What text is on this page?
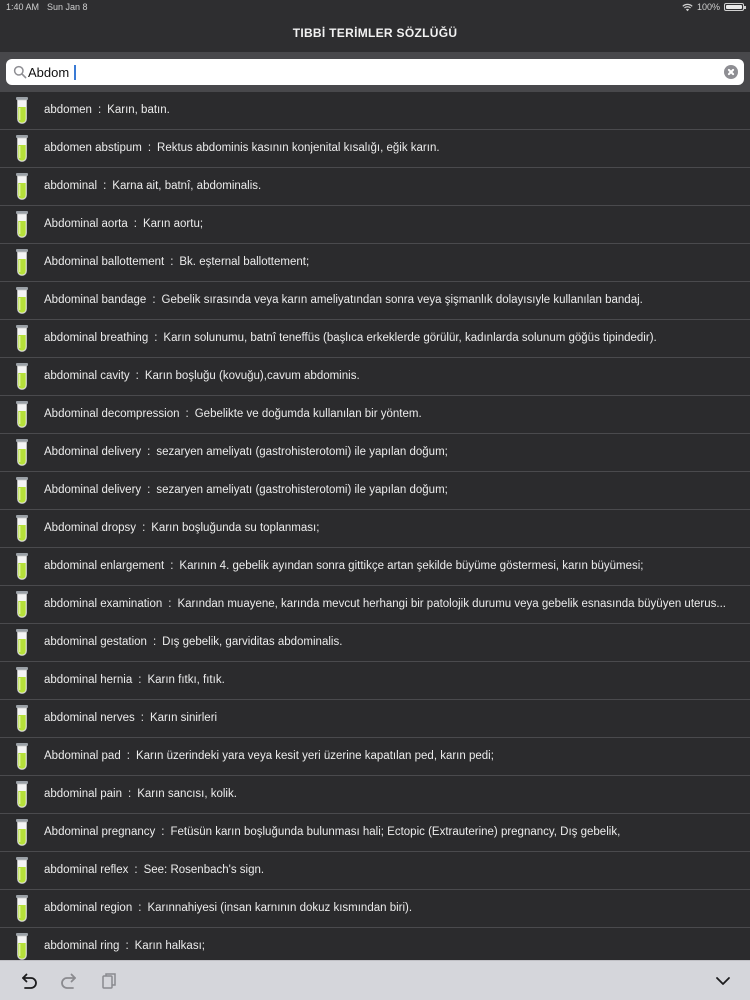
1:40 AM Sun Jan 8	100%
TIBBİ TERİMLER SÖZLÜĞÜ
Abdom
abdomen : Karın, batın.
abdomen abstipum : Rektus abdominis kasının konjenital kısalığı, eğik karın.
abdominal : Karna ait, batnî, abdominalis.
Abdominal aorta : Karın aortu;
Abdominal ballottement : Bk. eşternal ballottement;
Abdominal bandage : Gebelik sırasında veya karın ameliyatından sonra veya şişmanlık dolayısıyle kullanılan bandaj.
abdominal breathing : Karın solunumu, batnî teneffüs (başlıca erkeklerde görülür, kadınlarda solunum göğüs tipindedir).
abdominal cavity : Karın boşluğu (kovuğu),cavum abdominis.
Abdominal decompression : Gebelikte ve doğumda kullanılan bir yöntem.
Abdominal delivery : sezaryen ameliyatı (gastrohisterotomi) ile yapılan doğum;
Abdominal delivery : sezaryen ameliyatı (gastrohisterotomi) ile yapılan doğum;
Abdominal dropsy : Karın boşluğunda su toplanması;
abdominal enlargement : Karının 4. gebelik ayından sonra gittikçe artan şekilde büyüme göstermesi, karın büyümesi;
abdominal examination : Karından muayene, karında mevcut herhangi bir patolojik durumu veya gebelik esnasında büyüyen uterus...
abdominal gestation : Dış gebelik, garviditas abdominalis.
abdominal hernia : Karın fıtkı, fıtık.
abdominal nerves : Karın sinirleri
Abdominal pad : Karın üzerindeki yara veya kesit yeri üzerine kapatılan ped, karın pedi;
abdominal pain : Karın sancısı, kolik.
Abdominal pregnancy : Fetüsün karın boşluğunda bulunması hali; Ectopic (Extrauterine) pregnancy, Dış gebelik,
abdominal reflex : See: Rosenbach's sign.
abdominal region : Karınnahiyesi (insan karnının dokuz kısmından biri).
abdominal ring : Karın halkası;
